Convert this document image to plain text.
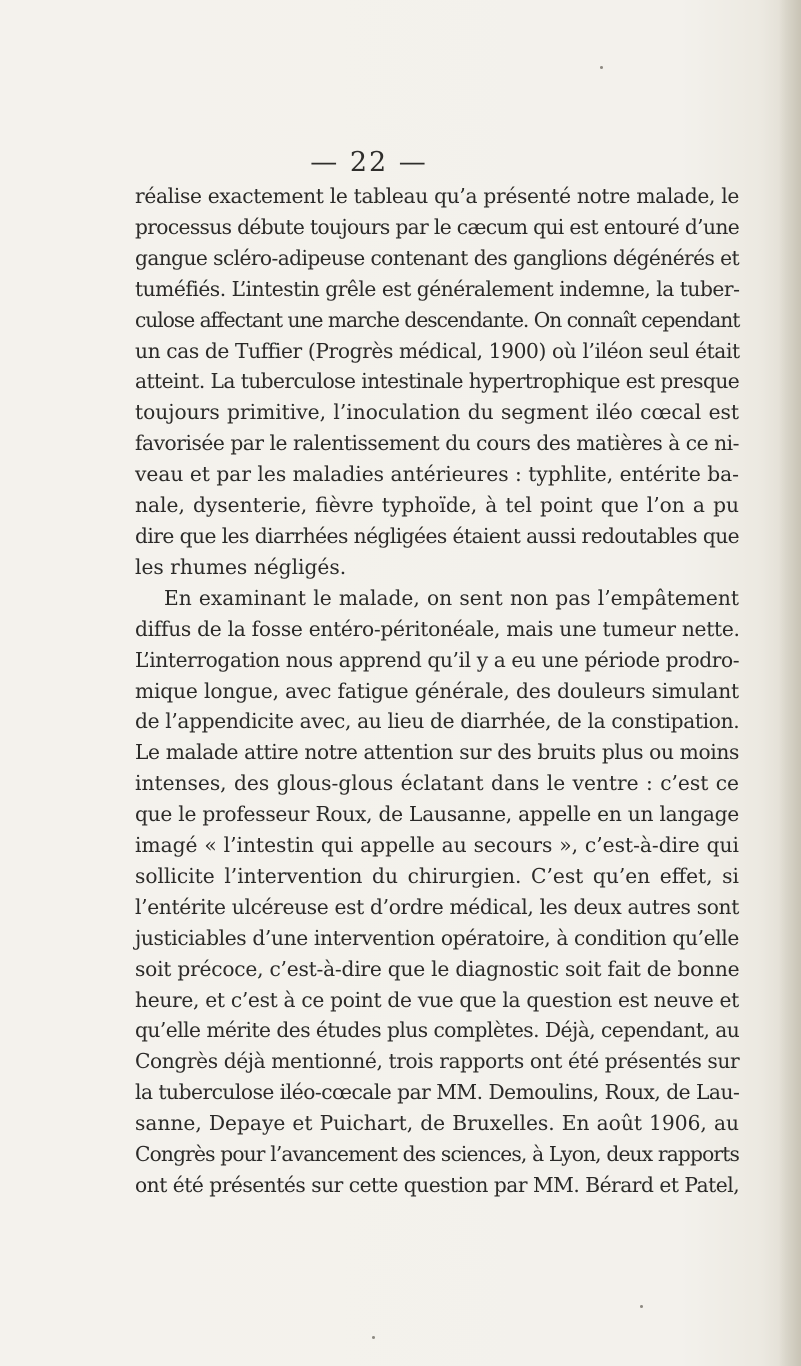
— 22 —
réalise exactement le tableau qu’a présenté notre malade, le
processus débute toujours par le cæcum qui est entouré d’une
gangue scléro-adipeuse contenant des ganglions dégénérés et
tuméfiés. L’intestin grêle est généralement indemne, la tuber-
culose affectant une marche descendante. On connaît cependant
un cas de Tuffier (Progrès médical, 1900) où l’iléon seul était
atteint. La tuberculose intestinale hypertrophique est presque
toujours primitive, l’inoculation du segment iléo cœcal est
favorisée par le ralentissement du cours des matières à ce ni-
veau et par les maladies antérieures : typhlite, entérite ba-
nale, dysenterie, fièvre typhoïde, à tel point que l’on a pu
dire que les diarrhées négligées étaient aussi redoutables que
les rhumes négligés.
En examinant le malade, on sent non pas l’empâtement
diffus de la fosse entéro-péritonéale, mais une tumeur nette.
L’interrogation nous apprend qu’il y a eu une période prodro-
mique longue, avec fatigue générale, des douleurs simulant
de l’appendicite avec, au lieu de diarrhée, de la constipation.
Le malade attire notre attention sur des bruits plus ou moins
intenses, des glous-glous éclatant dans le ventre : c’est ce
que le professeur Roux, de Lausanne, appelle en un langage
imagé « l’intestin qui appelle au secours », c’est-à-dire qui
sollicite l’intervention du chirurgien. C’est qu’en effet, si
l’entérite ulcéreuse est d’ordre médical, les deux autres sont
justiciables d’une intervention opératoire, à condition qu’elle
soit précoce, c’est-à-dire que le diagnostic soit fait de bonne
heure, et c’est à ce point de vue que la question est neuve et
qu’elle mérite des études plus complètes. Déjà, cependant, au
Congrès déjà mentionné, trois rapports ont été présentés sur
la tuberculose iléo-cœcale par MM. Demoulins, Roux, de Lau-
sanne, Depaye et Puichart, de Bruxelles. En août 1906, au
Congrès pour l’avancement des sciences, à Lyon, deux rapports
ont été présentés sur cette question par MM. Bérard et Patel,
